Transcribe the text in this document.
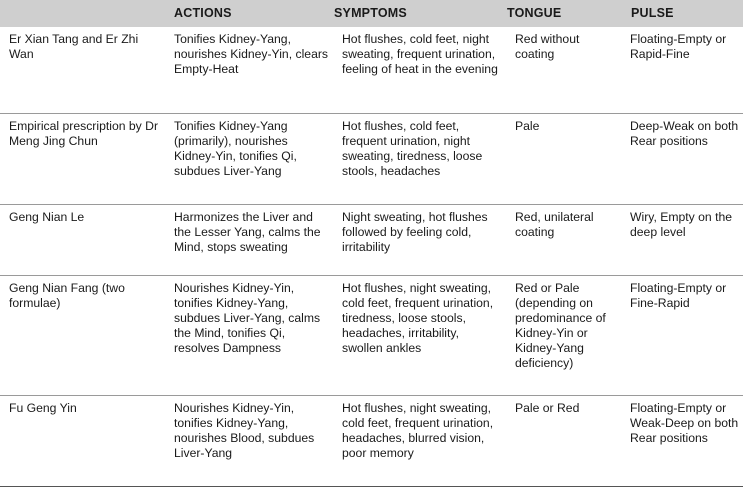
	ACTIONS	SYMPTOMS	TONGUE	PULSE
Er Xian Tang and Er Zhi Wan	Tonifies Kidney-Yang, nourishes Kidney-Yin, clears Empty-Heat	Hot flushes, cold feet, night sweating, frequent urination, feeling of heat in the evening	Red without coating	Floating-Empty or Rapid-Fine
Empirical prescription by Dr Meng Jing Chun	Tonifies Kidney-Yang (primarily), nourishes Kidney-Yin, tonifies Qi, subdues Liver-Yang	Hot flushes, cold feet, frequent urination, night sweating, tiredness, loose stools, headaches	Pale	Deep-Weak on both Rear positions
Geng Nian Le	Harmonizes the Liver and the Lesser Yang, calms the Mind, stops sweating	Night sweating, hot flushes followed by feeling cold, irritability	Red, unilateral coating	Wiry, Empty on the deep level
Geng Nian Fang (two formulae)	Nourishes Kidney-Yin, tonifies Kidney-Yang, subdues Liver-Yang, calms the Mind, tonifies Qi, resolves Dampness	Hot flushes, night sweating, cold feet, frequent urination, tiredness, loose stools, headaches, irritability, swollen ankles	Red or Pale (depending on predominance of Kidney-Yin or Kidney-Yang deficiency)	Floating-Empty or Fine-Rapid
Fu Geng Yin	Nourishes Kidney-Yin, tonifies Kidney-Yang, nourishes Blood, subdues Liver-Yang	Hot flushes, night sweating, cold feet, frequent urination, headaches, blurred vision, poor memory	Pale or Red	Floating-Empty or Weak-Deep on both Rear positions
